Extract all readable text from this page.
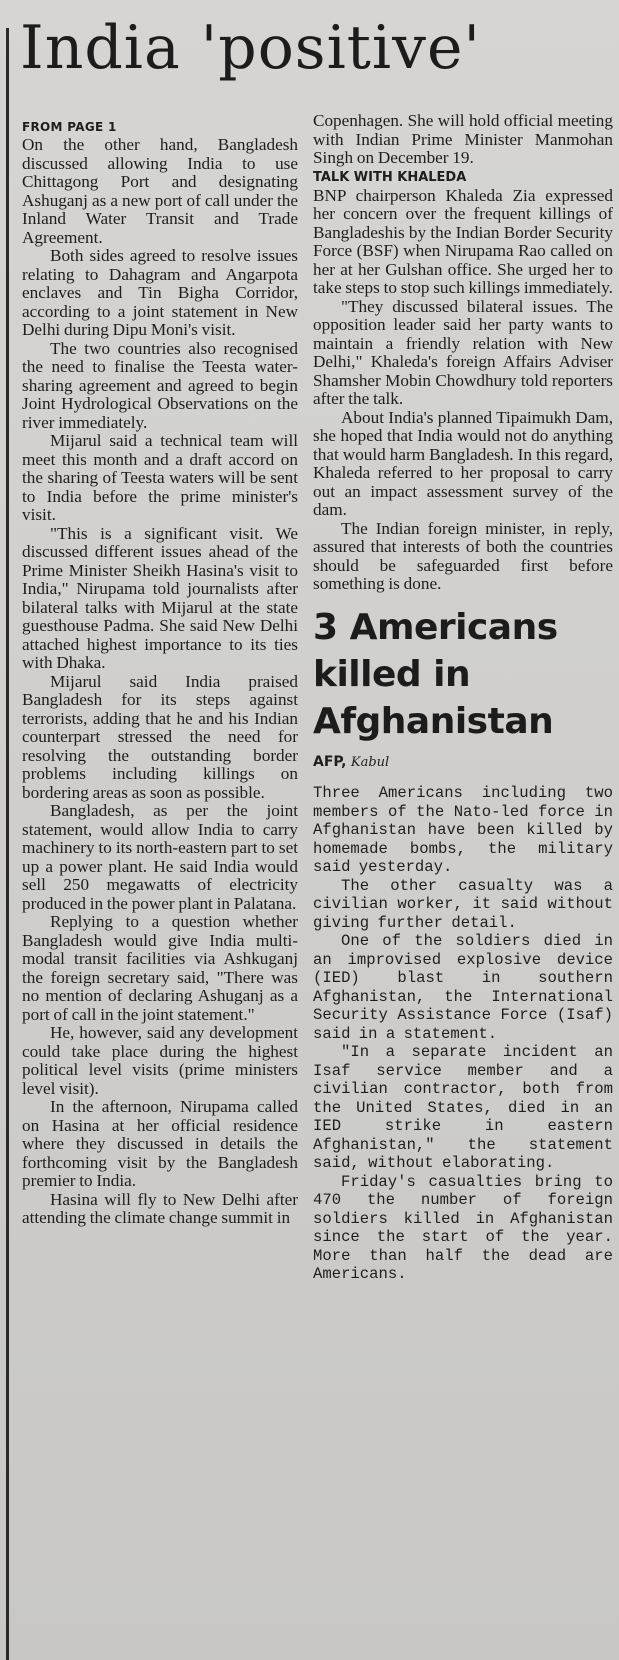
India 'positive'
FROM PAGE 1

On the other hand, Bangladesh discussed allowing India to use Chittagong Port and designating Ashuganj as a new port of call under the Inland Water Transit and Trade Agreement.

Both sides agreed to resolve issues relating to Dahagram and Angarpota enclaves and Tin Bigha Corridor, according to a joint statement in New Delhi during Dipu Moni's visit.

The two countries also recognised the need to finalise the Teesta water-sharing agreement and agreed to begin Joint Hydrological Observations on the river immediately.

Mijarul said a technical team will meet this month and a draft accord on the sharing of Teesta waters will be sent to India before the prime minister's visit.

"This is a significant visit. We discussed different issues ahead of the Prime Minister Sheikh Hasina's visit to India," Nirupama told journalists after bilateral talks with Mijarul at the state guesthouse Padma. She said New Delhi attached highest importance to its ties with Dhaka.

Mijarul said India praised Bangladesh for its steps against terrorists, adding that he and his Indian counterpart stressed the need for resolving the outstanding border problems including killings on bordering areas as soon as possible.

Bangladesh, as per the joint statement, would allow India to carry machinery to its north-eastern part to set up a power plant. He said India would sell 250 megawatts of electricity produced in the power plant in Palatana.

Replying to a question whether Bangladesh would give India multi-modal transit facilities via Ashkuganj the foreign secretary said, "There was no mention of declaring Ashuganj as a port of call in the joint statement."

He, however, said any development could take place during the highest political level visits (prime ministers level visit).

In the afternoon, Nirupama called on Hasina at her official residence where they discussed in details the forthcoming visit by the Bangladesh premier to India.

Hasina will fly to New Delhi after attending the climate change summit in

Copenhagen. She will hold official meeting with Indian Prime Minister Manmohan Singh on December 19.

TALK WITH KHALEDA

BNP chairperson Khaleda Zia expressed her concern over the frequent killings of Bangladeshis by the Indian Border Security Force (BSF) when Nirupama Rao called on her at her Gulshan office. She urged her to take steps to stop such killings immediately.

"They discussed bilateral issues. The opposition leader said her party wants to maintain a friendly relation with New Delhi," Khaleda's foreign Affairs Adviser Shamsher Mobin Chowdhury told reporters after the talk.

About India's planned Tipaimukh Dam, she hoped that India would not do anything that would harm Bangladesh. In this regard, Khaleda referred to her proposal to carry out an impact assessment survey of the dam.

The Indian foreign minister, in reply, assured that interests of both the countries should be safeguarded first before something is done.

3 Americans
killed in
Afghanistan
AFP, Kabul

Three Americans including two members of the Nato-led force in Afghanistan have been killed by homemade bombs, the military said yesterday.

The other casualty was a civilian worker, it said without giving further detail.

One of the soldiers died in an improvised explosive device (IED) blast in southern Afghanistan, the International Security Assistance Force (Isaf) said in a statement.

"In a separate incident an Isaf service member and a civilian contractor, both from the United States, died in an IED strike in eastern Afghanistan," the statement said, without elaborating.

Friday's casualties bring to 470 the number of foreign soldiers killed in Afghanistan since the start of the year. More than half the dead are Americans.
